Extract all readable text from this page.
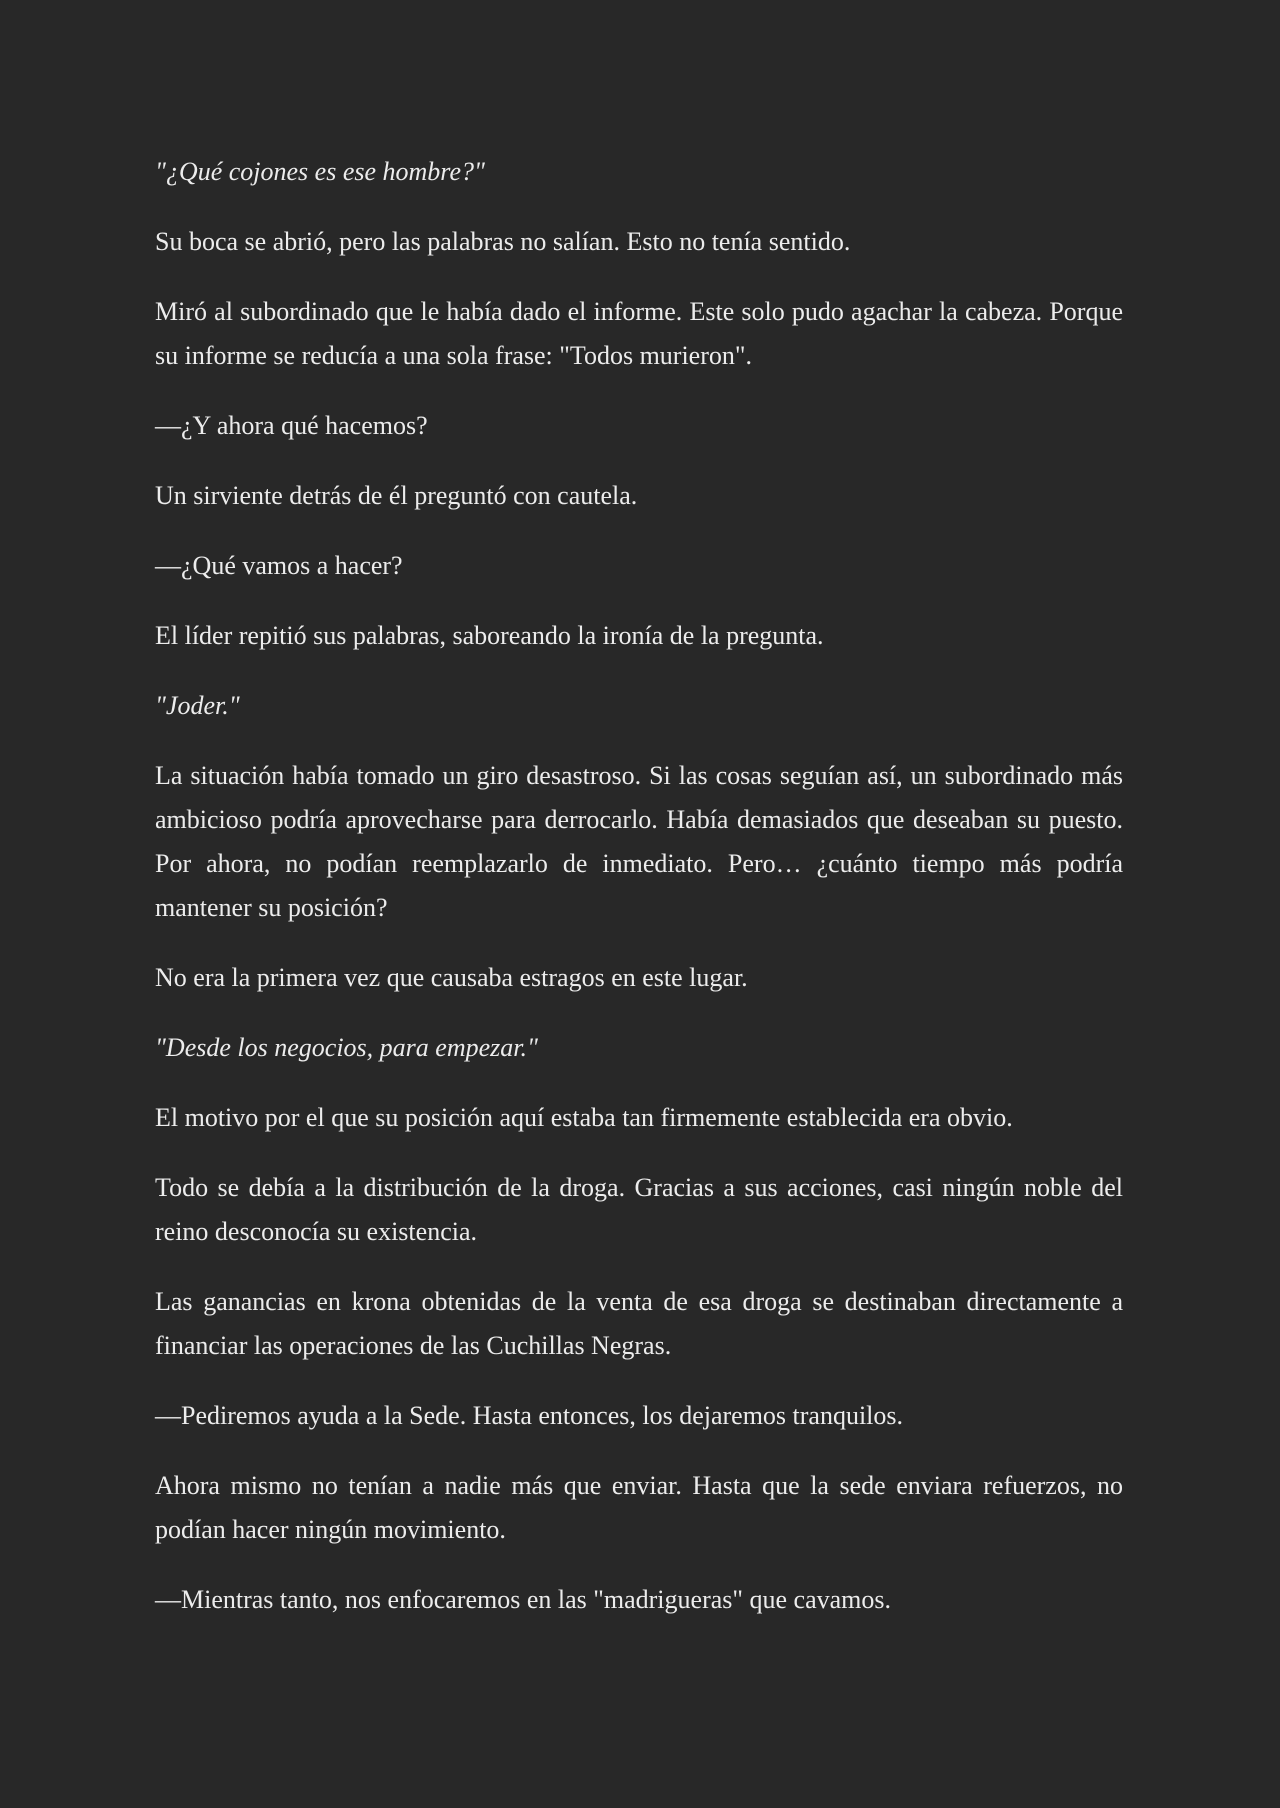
"¿Qué cojones es ese hombre?"

Su boca se abrió, pero las palabras no salían. Esto no tenía sentido.

Miró al subordinado que le había dado el informe. Este solo pudo agachar la cabeza. Porque su informe se reducía a una sola frase: "Todos murieron".

—¿Y ahora qué hacemos?

Un sirviente detrás de él preguntó con cautela.

—¿Qué vamos a hacer?

El líder repitió sus palabras, saboreando la ironía de la pregunta.

"Joder."

La situación había tomado un giro desastroso. Si las cosas seguían así, un subordinado más ambicioso podría aprovecharse para derrocarlo. Había demasiados que deseaban su puesto. Por ahora, no podían reemplazarlo de inmediato. Pero… ¿cuánto tiempo más podría mantener su posición?

No era la primera vez que causaba estragos en este lugar.

"Desde los negocios, para empezar."

El motivo por el que su posición aquí estaba tan firmemente establecida era obvio.

Todo se debía a la distribución de la droga. Gracias a sus acciones, casi ningún noble del reino desconocía su existencia.

Las ganancias en krona obtenidas de la venta de esa droga se destinaban directamente a financiar las operaciones de las Cuchillas Negras.

—Pediremos ayuda a la Sede. Hasta entonces, los dejaremos tranquilos.

Ahora mismo no tenían a nadie más que enviar. Hasta que la sede enviara refuerzos, no podían hacer ningún movimiento.

—Mientras tanto, nos enfocaremos en las "madrigueras" que cavamos.
